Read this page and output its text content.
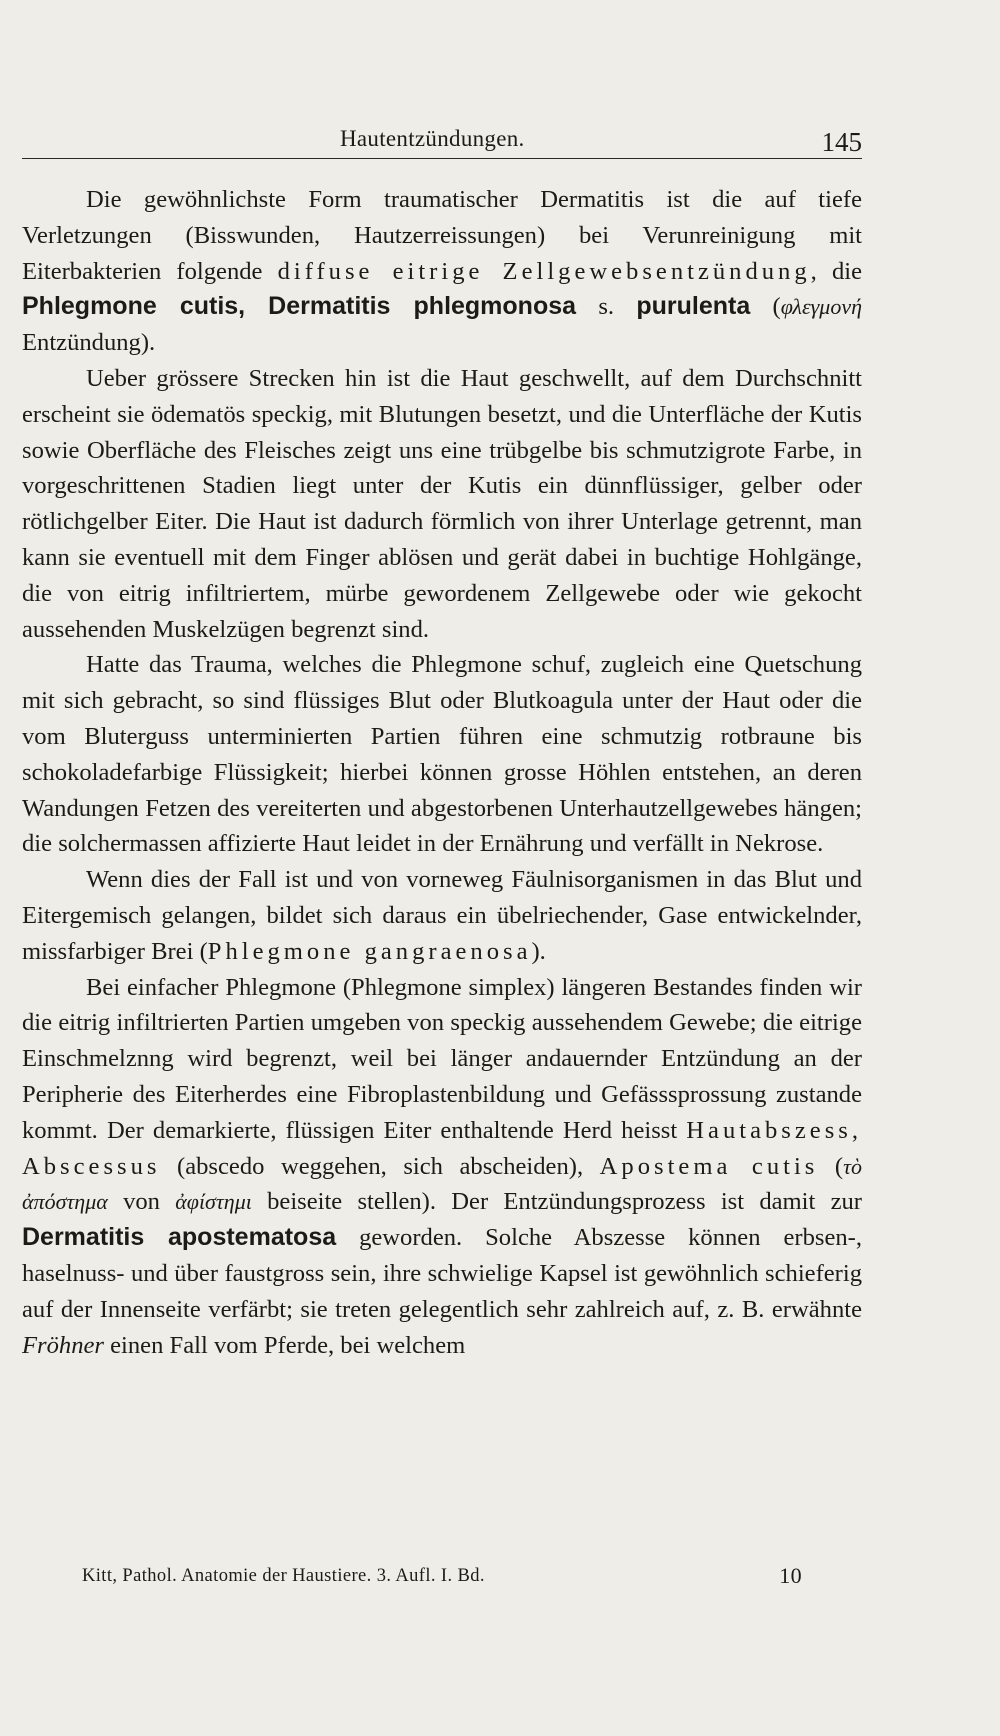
Hautentzündungen.	145

Die gewöhnlichste Form traumatischer Dermatitis ist die auf tiefe Verletzungen (Bisswunden, Hautzerreissungen) bei Verunreinigung mit Eiterbakterien folgende diffuse eitrige Zellgewebsentzündung, die Phlegmone cutis, Dermatitis phlegmonosa s. purulenta (φλεγμονή Entzündung).

Ueber grössere Strecken hin ist die Haut geschwellt, auf dem Durchschnitt erscheint sie ödematös speckig, mit Blutungen besetzt, und die Unterfläche der Kutis sowie Oberfläche des Fleisches zeigt uns eine trübgelbe bis schmutzigrote Farbe, in vorgeschrittenen Stadien liegt unter der Kutis ein dünnflüssiger, gelber oder rötlichgelber Eiter. Die Haut ist dadurch förmlich von ihrer Unterlage getrennt, man kann sie eventuell mit dem Finger ablösen und gerät dabei in buchtige Hohlgänge, die von eitrig infiltriertem, mürbe gewordenem Zellgewebe oder wie gekocht aussehenden Muskelzügen begrenzt sind.

Hatte das Trauma, welches die Phlegmone schuf, zugleich eine Quetschung mit sich gebracht, so sind flüssiges Blut oder Blutkoagula unter der Haut oder die vom Bluterguss unterminierten Partien führen eine schmutzig rotbraune bis schokoladefarbige Flüssigkeit; hierbei können grosse Höhlen entstehen, an deren Wandungen Fetzen des vereiterten und abgestorbenen Unterhautzellgewebes hängen; die solchermassen affizierte Haut leidet in der Ernährung und verfällt in Nekrose.

Wenn dies der Fall ist und von vorneweg Fäulnisorganismen in das Blut und Eitergemisch gelangen, bildet sich daraus ein übelriechender, Gase entwickelnder, missfarbiger Brei (Phlegmone gangraenosa).

Bei einfacher Phlegmone (Phlegmone simplex) längeren Bestandes finden wir die eitrig infiltrierten Partien umgeben von speckig aussehendem Gewebe; die eitrige Einschmelznng wird begrenzt, weil bei länger andauernder Entzündung an der Peripherie des Eiterherdes eine Fibroplastenbildung und Gefässsprossung zustande kommt. Der demarkierte, flüssigen Eiter enthaltende Herd heisst Hautabszess, Abscessus (abscedo weggehen, sich abscheiden), Apostema cutis (τὸ ἀπόστημα von ἀφίστημι beiseite stellen). Der Entzündungsprozess ist damit zur Dermatitis apostematosa geworden. Solche Abszesse können erbsen-, haselnuss- und über faustgross sein, ihre schwielige Kapsel ist gewöhnlich schieferig auf der Innenseite verfärbt; sie treten gelegentlich sehr zahlreich auf, z. B. erwähnte Fröhner einen Fall vom Pferde, bei welchem

Kitt, Pathol. Anatomie der Haustiere. 3. Aufl. I. Bd.	10
